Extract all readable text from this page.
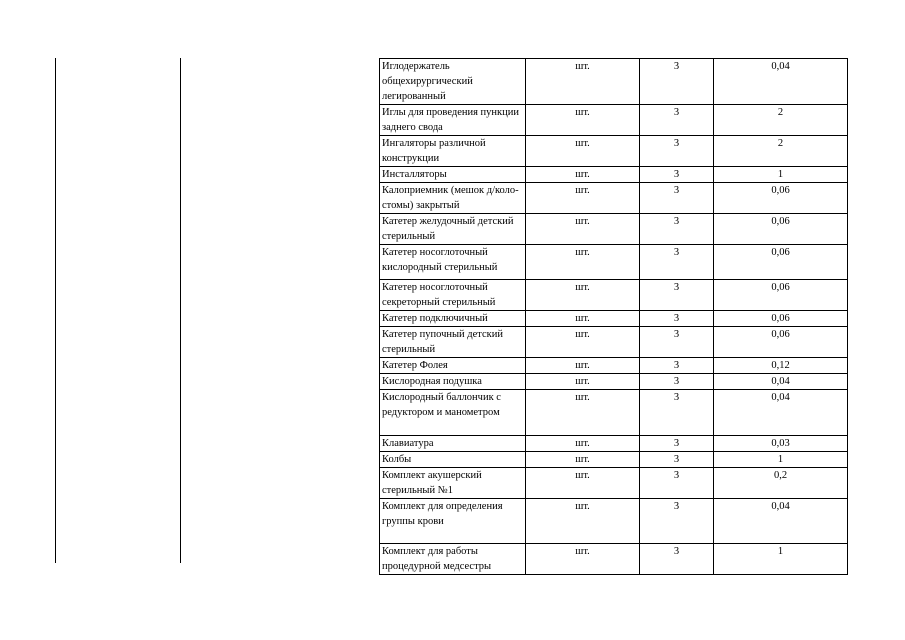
Иглодержатель общехирургический легированный	шт.	3	0,04
Иглы для проведения пункции заднего свода	шт.	3	2
Ингаляторы различной конструкции	шт.	3	2
Инсталляторы	шт.	3	1
Калоприемник (мешок д/коло-стомы) закрытый	шт.	3	0,06
Катетер желудочный детский стерильный	шт.	3	0,06
Катетер носоглоточный кислородный стерильный	шт.	3	0,06
Катетер носоглоточный секреторный стерильный	шт.	3	0,06
Катетер подключичный	шт.	3	0,06
Катетер пупочный детский стерильный	шт.	3	0,06
Катетер Фолея	шт.	3	0,12
Кислородная подушка	шт.	3	0,04
Кислородный баллончик с редуктором и манометром	шт.	3	0,04
Клавиатура	шт.	3	0,03
Колбы	шт.	3	1
Комплект акушерский стерильный №1	шт.	3	0,2
Комплект для определения группы крови	шт.	3	0,04
Комплект для работы процедурной медсестры	шт.	3	1
